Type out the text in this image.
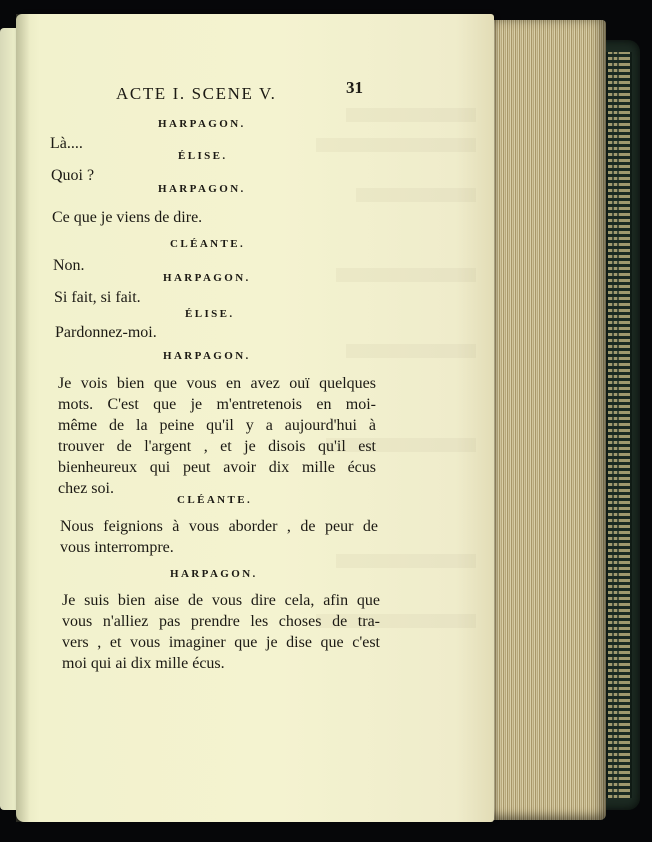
ACTE I. SCENE V.	31
HARPAGON.
Là....
ÉLISE.
Quoi ?
HARPAGON.
Ce que je viens de dire.
CLÉANTE.
Non.
HARPAGON.
Si fait, si fait.
ÉLISE.
Pardonnez-moi.
HARPAGON.
Je vois bien que vous en avez ouï quelques
mots. C'est que je m'entretenois en moi-
même de la peine qu'il y a aujourd'hui à
trouver de l'argent , et je disois qu'il est
bienheureux qui peut avoir dix mille écus
chez soi.
CLÉANTE.
Nous feignions à vous aborder , de peur de
vous interrompre.
HARPAGON.
Je suis bien aise de vous dire cela, afin que
vous n'alliez pas prendre les choses de tra-
vers , et vous imaginer que je dise que c'est
moi qui ai dix mille écus.
